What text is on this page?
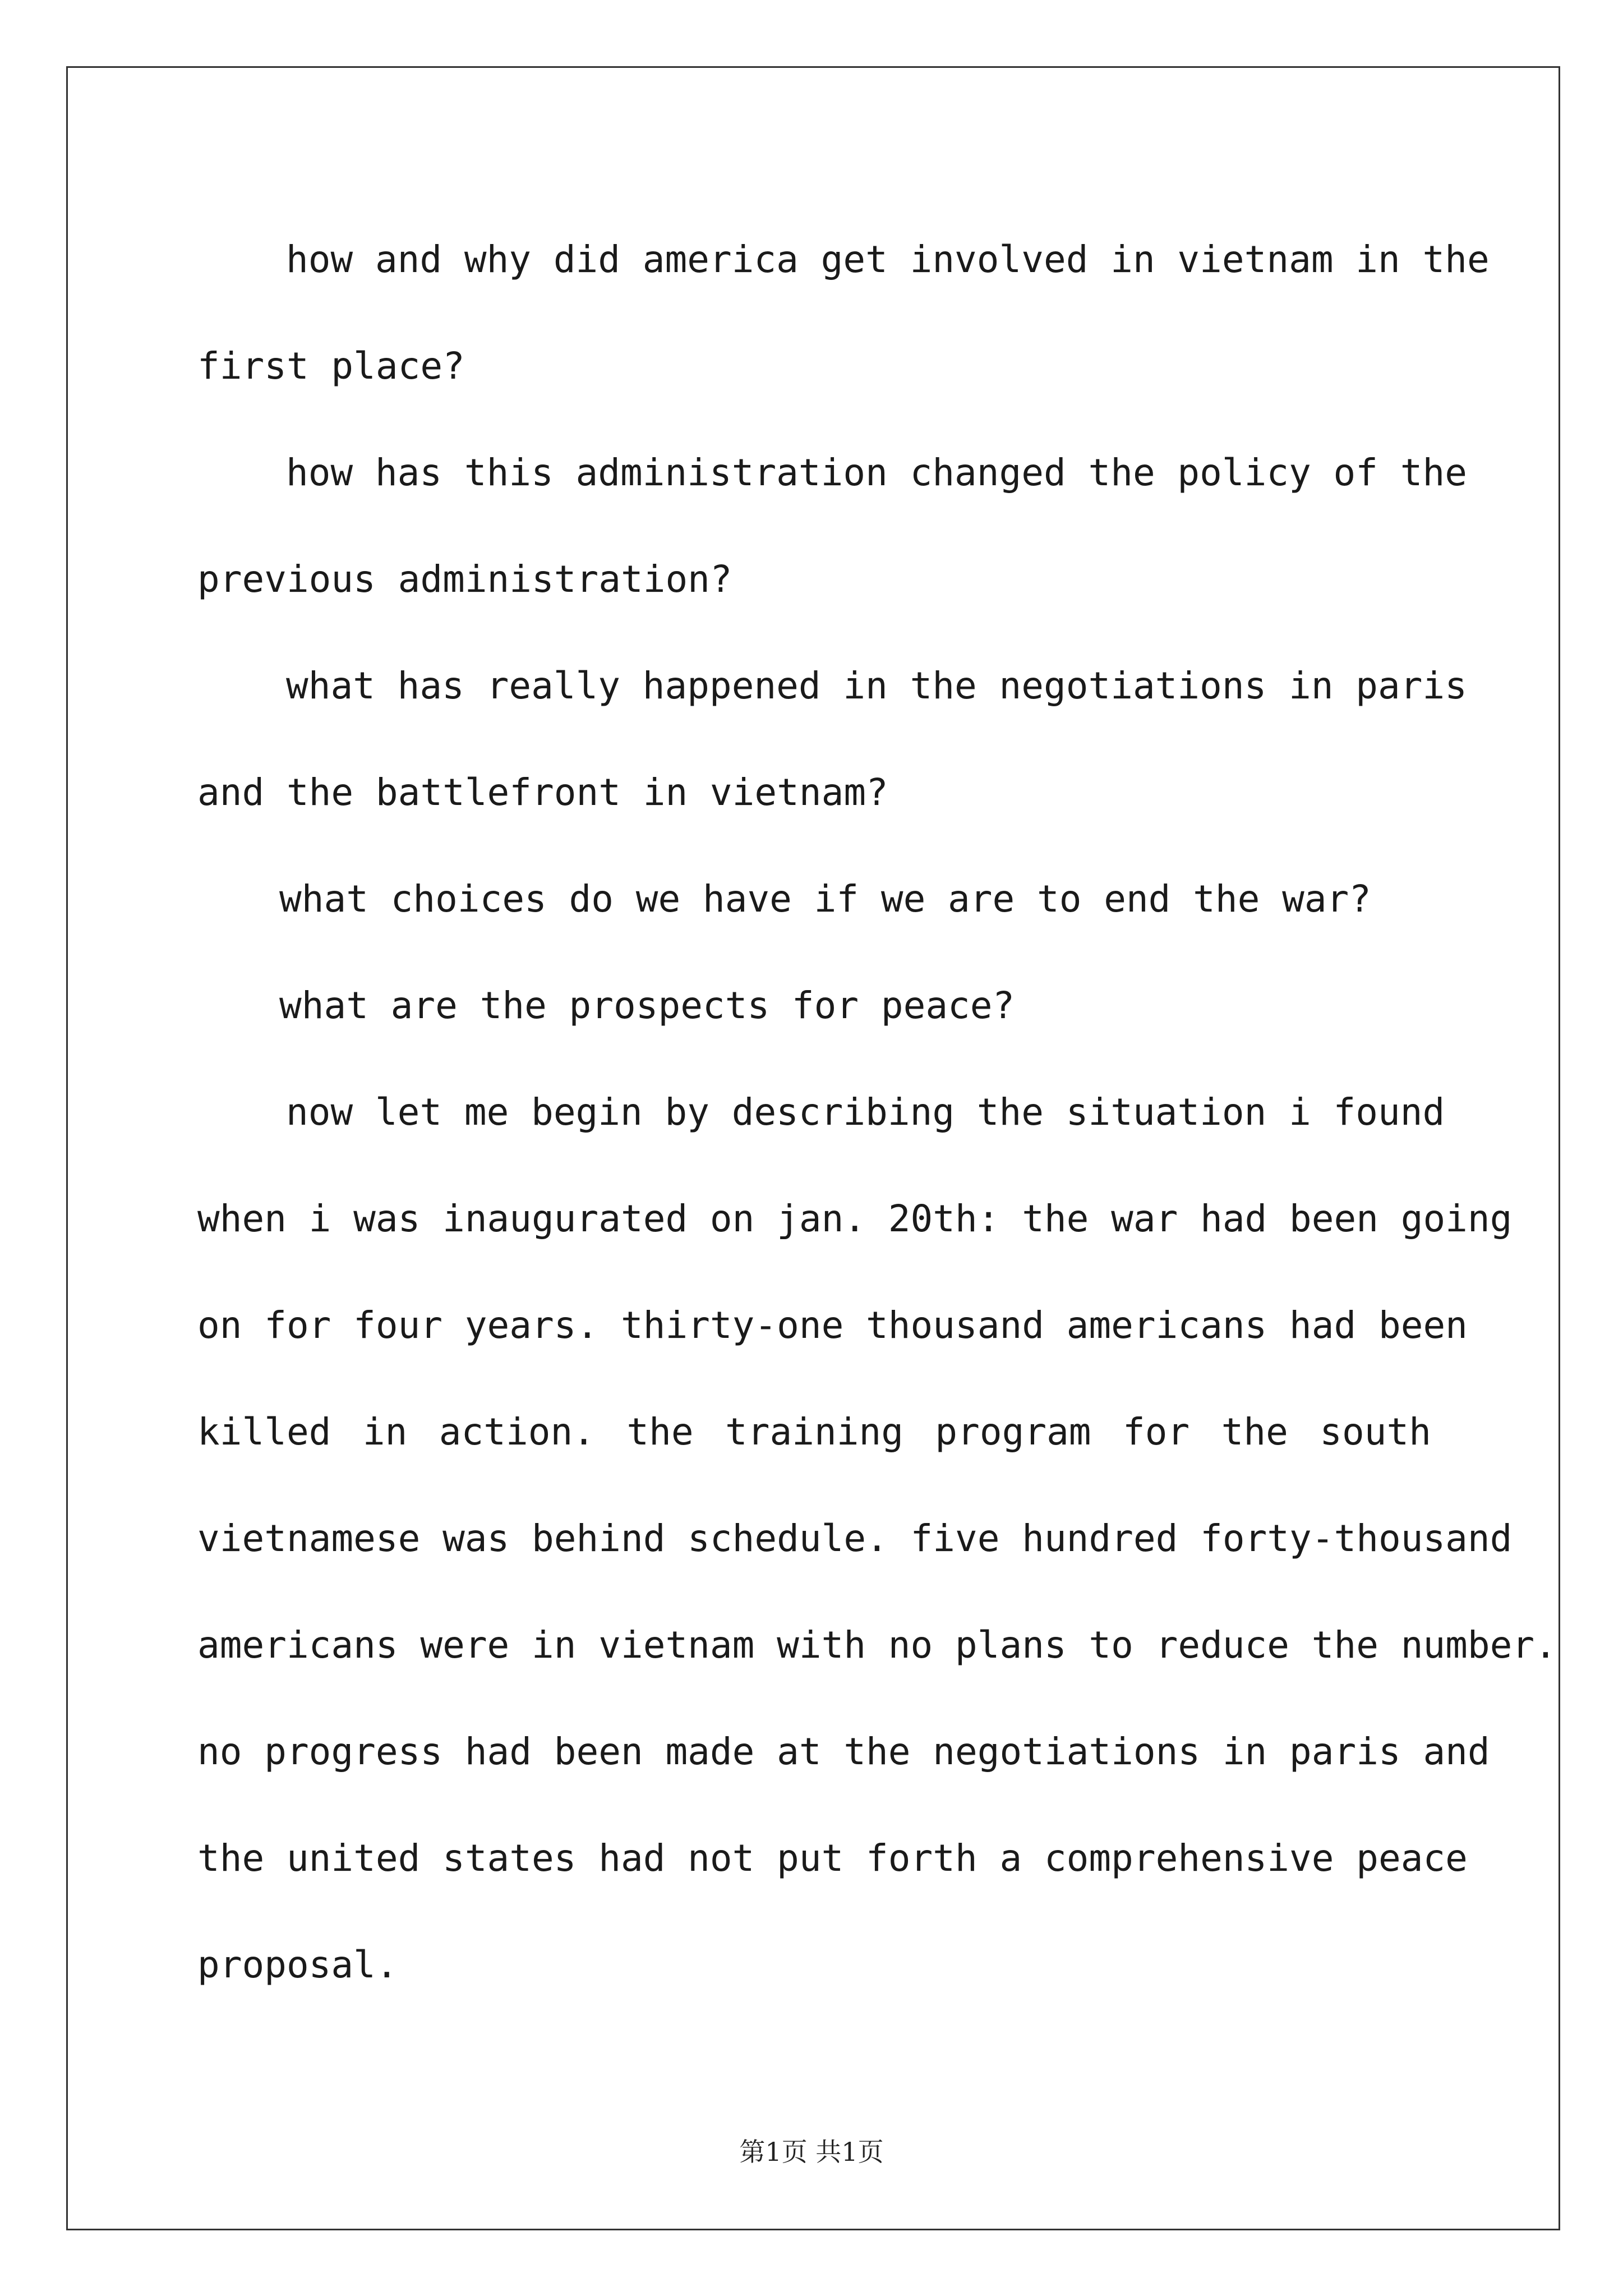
how and why did america get involved in vietnam in the
first place?
how has this administration changed the policy of the
previous administration?
what has really happened in the negotiations in paris
and the battlefront in vietnam?
what choices do we have if we are to end the war?
what are the prospects for peace?
now let me begin by describing the situation i found
when i was inaugurated on jan. 20th: the war had been going
on for four years. thirty-one thousand americans had been
killed in action. the training program for the south
vietnamese was behind schedule. five hundred forty-thousand
americans were in vietnam with no plans to reduce the number.
no progress had been made at the negotiations in paris and
the united states had not put forth a comprehensive peace
proposal.
第1页 共1页
